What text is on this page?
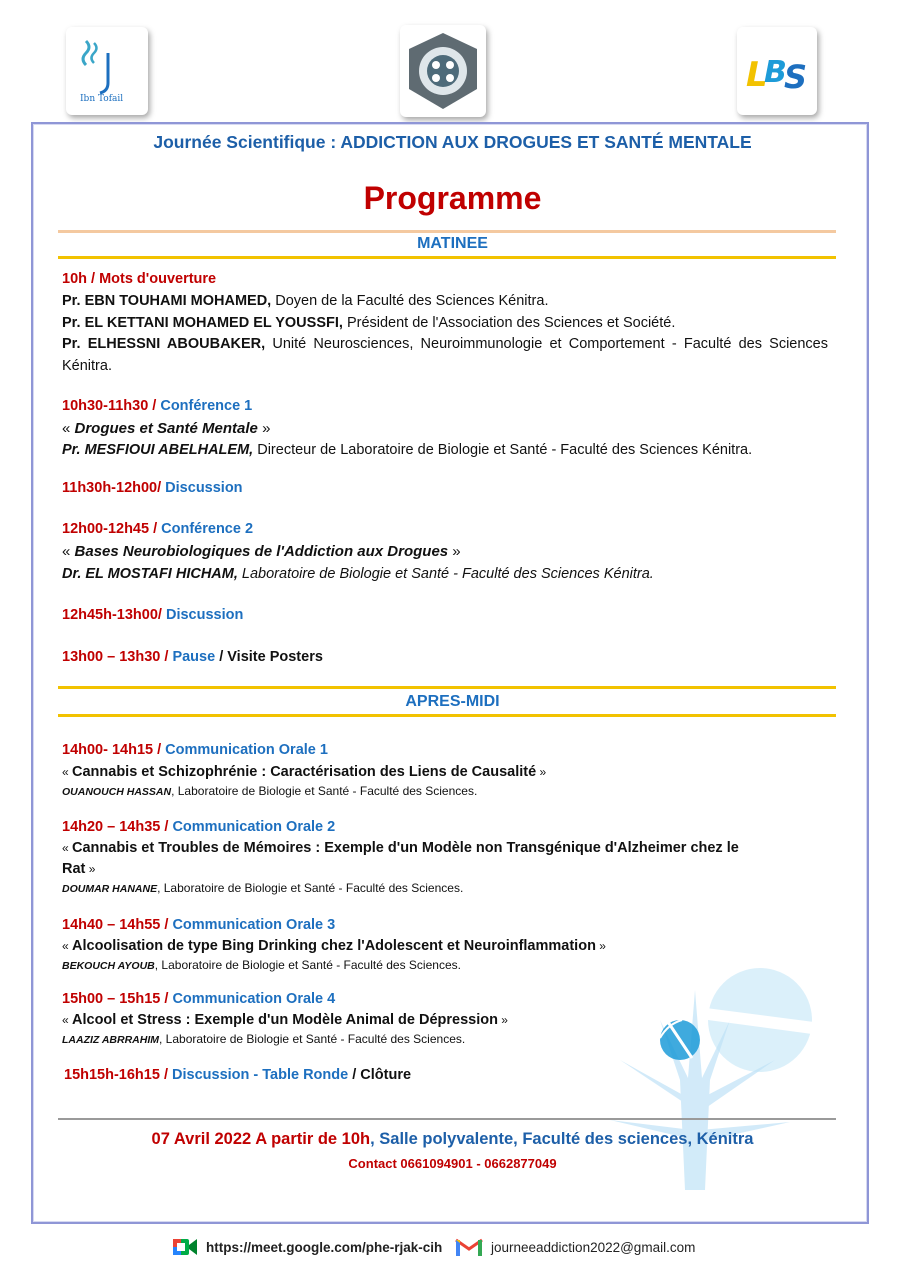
Ibn Tofail
L
B
S
Journée Scientifique : ADDICTION AUX DROGUES ET SANTÉ MENTALE
Programme
MATINEE
10h / Mots d'ouverture
Pr. EBN TOUHAMI MOHAMED, Doyen de la Faculté des Sciences Kénitra.
Pr. EL KETTANI MOHAMED EL YOUSSFI, Président de l'Association des Sciences et Société.
Pr. ELHESSNI ABOUBAKER, Unité Neurosciences, Neuroimmunologie et Comportement - Faculté des Sciences Kénitra.
10h30-11h30 / Conférence 1
« Drogues et Santé Mentale »
Pr. MESFIOUI ABELHALEM, Directeur de Laboratoire de Biologie et Santé - Faculté des Sciences Kénitra.
11h30h-12h00/ Discussion
12h00-12h45 / Conférence 2
« Bases Neurobiologiques de l'Addiction aux Drogues »
Dr. EL MOSTAFI HICHAM, Laboratoire de Biologie et Santé - Faculté des Sciences Kénitra.
12h45h-13h00/ Discussion
13h00 – 13h30 / Pause / Visite Posters
APRES-MIDI
14h00- 14h15 / Communication Orale 1
« Cannabis et Schizophrénie : Caractérisation des Liens de Causalité »
OUANOUCH HASSAN, Laboratoire de Biologie et Santé - Faculté des Sciences.
14h20 – 14h35 / Communication Orale 2
« Cannabis et Troubles de Mémoires : Exemple d'un Modèle non Transgénique d'Alzheimer chez le
Rat »
DOUMAR HANANE, Laboratoire de Biologie et Santé - Faculté des Sciences.
14h40 – 14h55 / Communication Orale 3
« Alcoolisation de type Bing Drinking chez l'Adolescent et Neuroinflammation »
BEKOUCH AYOUB, Laboratoire de Biologie et Santé - Faculté des Sciences.
15h00 – 15h15 / Communication Orale 4
« Alcool et Stress : Exemple d'un Modèle Animal de Dépression »
LAAZIZ ABRRAHIM, Laboratoire de Biologie et Santé - Faculté des Sciences.
15h15h-16h15 / Discussion - Table Ronde / Clôture
07 Avril 2022 A partir de 10h, Salle polyvalente, Faculté des sciences, Kénitra
Contact 0661094901 - 0662877049
https://meet.google.com/phe-rjak-cih	journeeaddiction2022@gmail.com
